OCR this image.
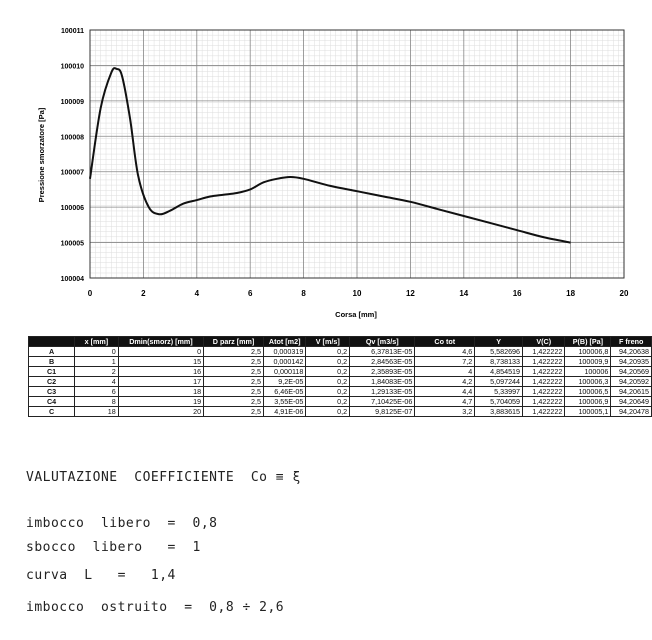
0	2	4	6	8	10	12	14	16	18	20
100004
100005
100006
100007
100008
100009
100010
100011
Corsa [mm]
Pressione smorzatore [Pa]
	x [mm]	Dmin(smorz) [mm]	D parz [mm]	Atot [m2]	V [m/s]	Qv [m3/s]	Co tot	Y	V(C)	P(B) [Pa]	F freno
A	0	0	2,5	0,000319	0,2	6,37813E-05	4,6	5,582696	1,422222	100006,8	94,20638
B	1	15	2,5	0,000142	0,2	2,84563E-05	7,2	8,738133	1,422222	100009,9	94,20935
C1	2	16	2,5	0,000118	0,2	2,35893E-05	4	4,854519	1,422222	100006	94,20569
C2	4	17	2,5	9,2E-05	0,2	1,84083E-05	4,2	5,097244	1,422222	100006,3	94,20592
C3	6	18	2,5	6,46E-05	0,2	1,29133E-05	4,4	5,33997	1,422222	100006,5	94,20615
C4	8	19	2,5	3,55E-05	0,2	7,10425E-06	4,7	5,704059	1,422222	100006,9	94,20649
C	18	20	2,5	4,91E-06	0,2	9,8125E-07	3,2	3,883615	1,422222	100005,1	94,20478
VALUTAZIONE  COEFFICIENTE  Co ≡ ξ
imbocco  libero  =  0,8
sbocco  libero   =  1
curva  L   =   1,4
imbocco  ostruito  =  0,8 ÷ 2,6
